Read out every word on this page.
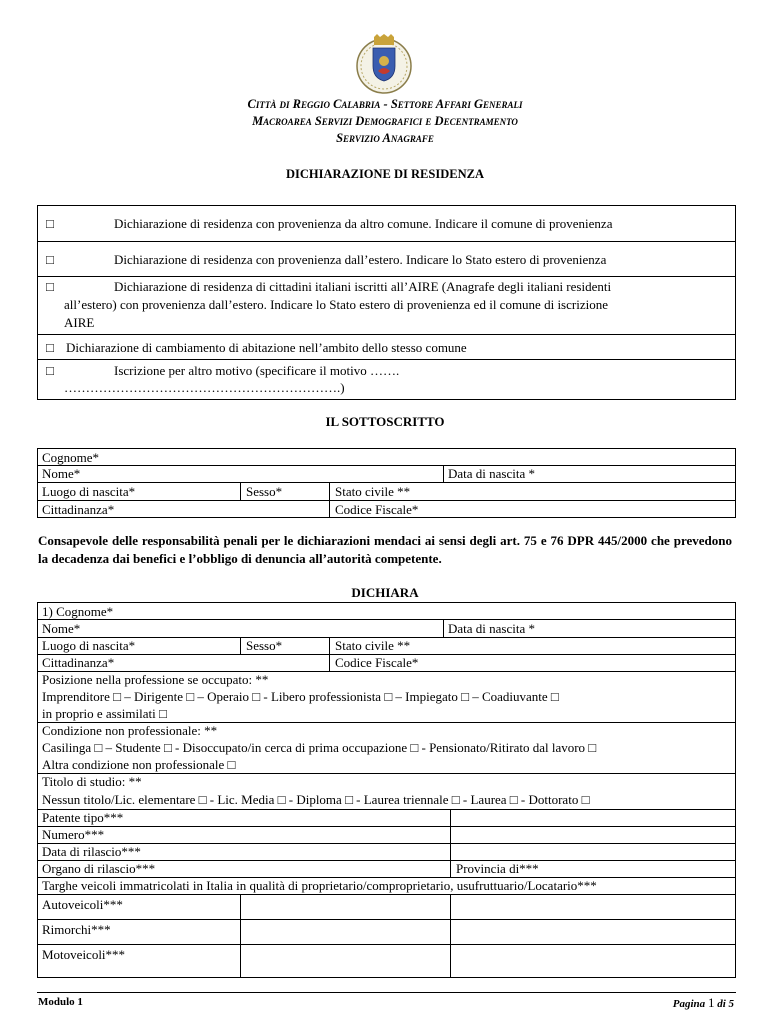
Città di Reggio Calabria - Settore Affari Generali
Macroarea Servizi Demografici e Decentramento
Servizio Anagrafe
DICHIARAZIONE DI RESIDENZA
□	Dichiarazione di residenza con provenienza da altro comune. Indicare il comune di provenienza
□	Dichiarazione di residenza con provenienza dall’estero. Indicare lo Stato estero di provenienza
□	Dichiarazione di residenza di cittadini italiani iscritti all’AIRE (Anagrafe degli italiani residenti
all’estero) con provenienza dall’estero. Indicare lo Stato estero di provenienza ed il comune di iscrizione
AIRE
□ Dichiarazione di cambiamento di abitazione nell’ambito dello stesso comune
□	Iscrizione per altro motivo (specificare il motivo …….
……………………………………………………….)
IL SOTTOSCRITTO
Cognome*
Nome*	Data di nascita *
Luogo di nascita*	Sesso*	Stato civile **
Cittadinanza*	Codice Fiscale*
Consapevole delle responsabilità penali per le dichiarazioni mendaci ai sensi degli art. 75 e 76 DPR 445/2000 che prevedono la decadenza dai benefici e l’obbligo di denuncia all’autorità competente.
DICHIARA
1) Cognome*
Nome*	Data di nascita *
Luogo di nascita*	Sesso*	Stato civile **
Cittadinanza*	Codice Fiscale*
Posizione nella professione se occupato: **
Imprenditore □ – Dirigente □ – Operaio □ - Libero professionista □ – Impiegato □ – Coadiuvante □
in proprio e assimilati □
Condizione non professionale: **
Casilinga □ – Studente □ - Disoccupato/in cerca di prima occupazione □ - Pensionato/Ritirato dal lavoro □
Altra condizione non professionale □
Titolo di studio: **
Nessun titolo/Lic. elementare □ - Lic. Media □ - Diploma □ - Laurea triennale □ - Laurea □ - Dottorato □
Patente tipo***
Numero***
Data di rilascio***
Organo di rilascio***	Provincia di***
Targhe veicoli immatricolati in Italia in qualità di proprietario/comproprietario, usufruttuario/Locatario***
Autoveicoli***
Rimorchi***
Motoveicoli***
Modulo 1	Pagina 1 di 5
